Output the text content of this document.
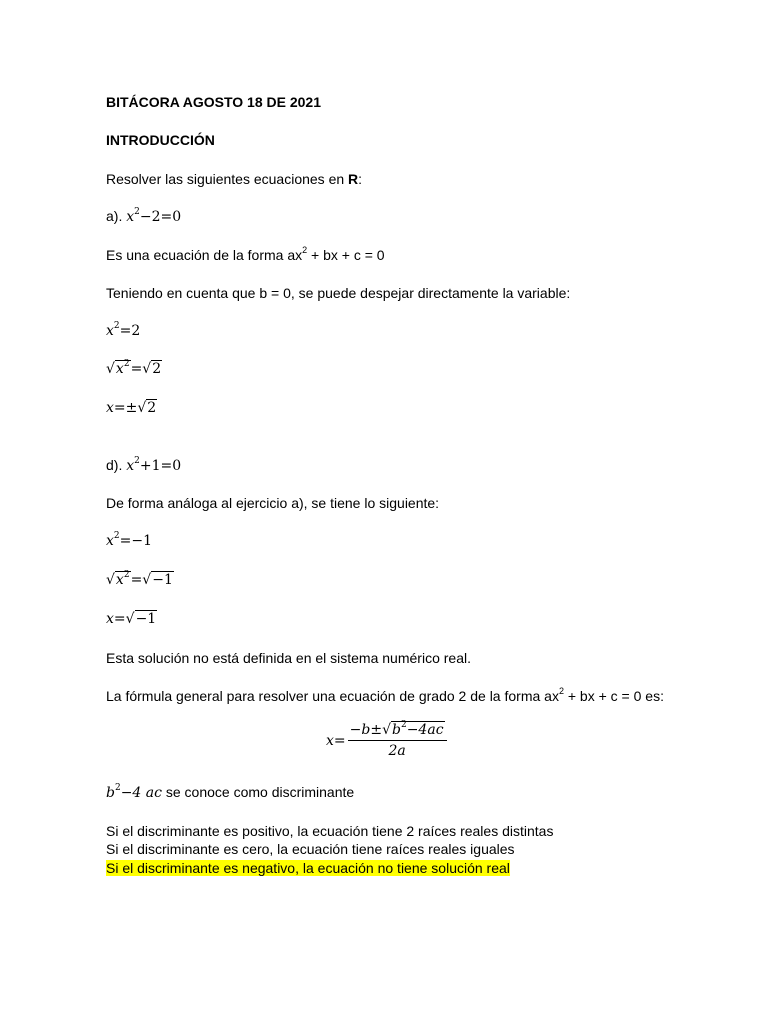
BITÁCORA AGOSTO 18 DE 2021
INTRODUCCIÓN
Resolver las siguientes ecuaciones en R:
a). $x^2-2=0$
Es una ecuación de la forma $ax^2$ + bx + c = 0
Teniendo en cuenta que b = 0, se puede despejar directamente la variable:
$x^2=2$
$√x^2=√2$
x=±√2
d). $x^2+1=0$
De forma análoga al ejercicio a), se tiene lo siguiente:
$x^2=-1$
$√x^2=√-1$
x=√−1
Esta solución no está definida en el sistema numérico real.
La fórmula general para resolver una ecuación de grado 2 de la forma $ax^2$ + bx + c = 0 es:
x=
$-b\pm√b^2-4ac$
2a
$b^2-4$ ac se conoce como discriminante
Si el discriminante es positivo, la ecuación tiene 2 raíces reales distintas
Si el discriminante es cero, la ecuación tiene raíces reales iguales
Si el discriminante es negativo, la ecuación no tiene solución real
